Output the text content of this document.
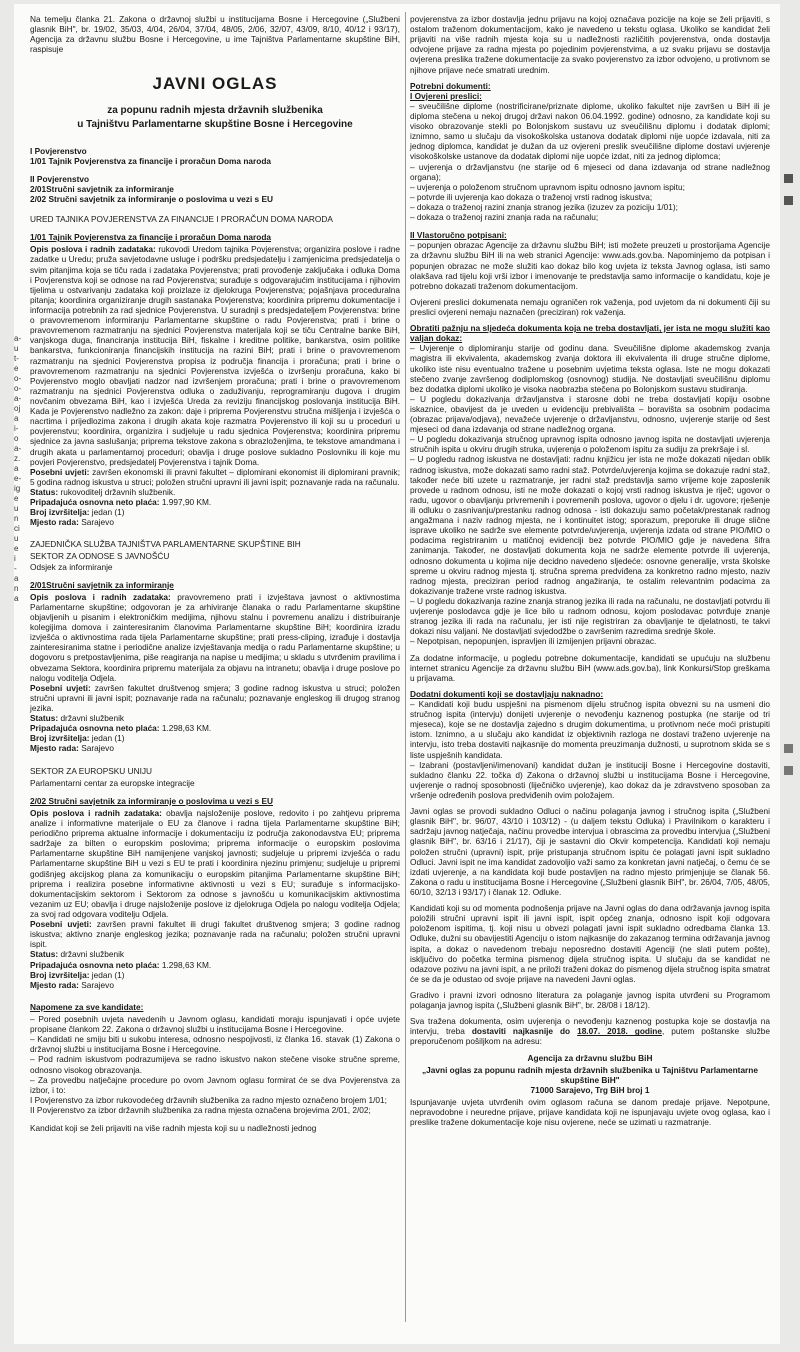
a-
u
t-
e
o-
o-
a-
oj
a
i-
o
a-
z.
a
e-
ig
e
u
n
ci
u
e
i
-
a
n
a

Na temelju članka 21. Zakona o državnoj službi u institucijama Bosne i Hercegovine („Službeni glasnik BiH", br. 19/02, 35/03, 4/04, 26/04, 37/04, 48/05, 2/06, 32/07, 43/09, 8/10, 40/12 i 93/17), Agencija za državnu službu Bosne i Hercegovine, u ime Tajništva Parlamentarne skupštine BiH, raspisuje

JAVNI OGLAS
za popunu radnih mjesta državnih službenika
u Tajništvu Parlamentarne skupštine Bosne i Hercegovine
I Povjerenstvo
1/01 Tajnik Povjerenstva za financije i proračun Doma naroda
II Povjerenstvo
2/01Stručni savjetnik za informiranje
2/02 Stručni savjetnik za informiranje o poslovima u vezi s EU
URED TAJNIKA POVJERENSTVA ZA FINANCIJE I PRORAČUN DOMA NARODA
1/01 Tajnik Povjerenstva za financije i proračun Doma naroda

Opis poslova i radnih zadataka: rukovodi Uredom tajnika Povjerenstva; organizira poslove i radne zadatke u Uredu; pruža savjetodavne usluge i podršku predsjedatelju i zamjenicima predsjedatelja o svim pitanjima koja se tiču rada i zadataka Povjerenstva; prati provođenje zaključaka i odluka Doma i Povjerenstva koji se odnose na rad Povjerenstva; surađuje s odgovarajućim institucijama i njihovim tijelima u ostvarivanju zadataka koji proizlaze iz djelokruga Povjerenstva; pojašnjava proceduralna pitanja; koordinira organiziranje drugih sastanaka Povjerenstva; koordinira pripremu dokumentacije i informacija potrebnih za rad sjednice Povjerenstva. U suradnji s predsjedateljem Povjerenstva: brine o pravovremenom informiranju Parlamentarne skupštine o radu Povjerenstva; prati i brine o pravovremenom razmatranju na sjednici Povjerenstva materijala koji se tiču Centralne banke BiH, vanjskoga duga, financiranja institucija BiH, fiskalne i kreditne politike, bankarstva, osim politike bankarstva, funkcioniranja financijskih institucija na razini BiH; prati i brine o pravovremenom razmatranju na sjednici Povjerenstva propisa iz područja financija i proračuna; prati i brine o pravovremenom razmatranju na sjednici Povjerenstva izvješća o izvršenju proračuna, kako bi Povjerenstvo moglo obavljati nadzor nad izvršenjem proračuna; prati i brine o pravovremenom razmatranju na sjednici Povjerenstva odluka o zaduživanju, reprogramiranju dugova i drugim novčanim obvezama BiH, kao i izvješća Ureda za reviziju financijskog poslovanja institucija BiH. Kada je Povjerenstvo nadležno za zakon: daje i priprema Povjerenstvu stručna mišljenja i izvješća o nacrtima i prijedlozima zakona i drugih akata koje razmatra Povjerenstvo ili koji su u proceduri u povjerenstvu; koordinira, organizira i sudjeluje u radu sjednica Povjerenstva; koordinira pripremu sjednice za javna saslušanja; priprema tekstove zakona s obrazloženjima, te tekstove amandmana i drugih akata u parlamentarnoj proceduri; obavlja i druge poslove sukladno Poslovniku ili koje mu povjeri Povjerenstvo, predsjedatelj Povjerenstva i tajnik Doma.

Posebni uvjeti: završen ekonomski ili pravni fakultet – diplomirani ekonomist ili diplomirani pravnik; 5 godina radnog iskustva u struci; položen stručni upravni ili javni ispit; poznavanje rada na računalu.

Status: rukovoditelj državnih službenik.
Pripadajuća osnovna neto plaća: 1.997,90 KM.
Broj izvršitelja: jedan (1)
Mjesto rada: Sarajevo
ZAJEDNIČKA SLUŽBA TAJNIŠTVA PARLAMENTARNE SKUPŠTINE BIH
SEKTOR ZA ODNOSE S JAVNOŠĆU
Odsjek za informiranje
2/01Stručni savjetnik za informiranje

Opis poslova i radnih zadataka: pravovremeno prati i izvještava javnost o aktivnostima Parlamentarne skupštine; odgovoran je za arhiviranje članaka o radu Parlamentarne skupštine objavljenih u pisanim i elektroničkim medijima, njihovu stalnu i povremenu analizu i distribuiranje kolegijima domova i zainteresiranim članovima Parlamentarne skupštine BiH; koordinira izradu izvješća o aktivnostima rada tijela Parlamentarne skupštine; prati press-cliping, izrađuje i dostavlja zainteresiranima statne i periodične analize izvještavanja medija o radu Parlamentarne skupštine; u dogovoru s pretpostavljenima, piše reagiranja na napise u medijima; u skladu s utvrđenim pravilima i obvezama Sektora, koordinira pripremu materijala za objavu na intranetu; obavlja i druge poslove po nalogu voditelja Odjela.

Posebni uvjeti: završen fakultet društvenog smjera; 3 godine radnog iskustva u struci; položen stručni upravni ili javni ispit; poznavanje rada na računalu; poznavanje engleskog ili drugog stranog jezika.

Status: državni službenik
Pripadajuća osnovna neto plaća: 1.298,63 KM.
Broj izvršitelja: jedan (1)
Mjesto rada: Sarajevo
SEKTOR ZA EUROPSKU UNIJU
Parlamentarni centar za europske integracije
2/02 Stručni savjetnik za informiranje o poslovima u vezi s EU

Opis poslova i radnih zadataka: obavlja najsloženije poslove, redovito i po zahtjevu pripremа analize i informativne materijale o EU za članove i radna tijela Parlamentarne skupštine BiH; periodično priprema aktualne informacije i dokumentaciju iz područja zakonodavstva EU; priprema sadržaje za bilten o europskim poslovima; priprema informacije o europskim poslovima Parlamentarne skupštine BiH namijenjene vanjskoj javnosti; sudjeluje u pripremi izvješća o radu Parlamentarne skupštine BiH u vezi s EU te prati i koordinira njezinu primjenu; sudjeluje u pripremi godišnjeg akcijskog plana za komunikaciju o europskim pitanjima Parlamentarne skupštine BiH; priprema i realizira posebne informativne aktivnosti u vezi s EU; surađuje s informacijsko-dokumentacijskim sektorom i Sektorom za odnose s javnošću u komunikacijskim aktivnostima vezanim uz EU; obavlja i druge najsloženije poslove iz djelokruga Odjela po nalogu voditelja Odjela; za svoj rad odgovara voditelju Odjela.

Posebni uvjeti: završen pravni fakultet ili drugi fakultet društvenog smjera; 3 godine radnog iskustva; aktivno znanje engleskog jezika; poznavanje rada na računalu; položen stručni upravni ispit.

Status: državni službenik
Pripadajuća osnovna neto plaća: 1.298,63 KM.
Broj izvršitelja: jedan (1)
Mjesto rada: Sarajevo
Napomene za sve kandidate:
– Pored posebnih uvjeta navedenih u Javnom oglasu, kandidati moraju ispunjavati i opće uvjete propisane člankom 22. Zakona o državnoj službi u institucijama Bosne i Hercegovine.
– Kandidati ne smiju biti u sukobu interesa, odnosno nespojivosti, iz članka 16. stavak (1) Zakona o državnoj službi u institucijama Bosne i Hercegovine.
– Pod radnim iskustvom podrazumijeva se radno iskustvo nakon stečene visoke stručne spreme, odnosno visokog obrazovanja.
– Za provedbu natječajne procedure po ovom Javnom oglasu formirat će se dva Povjerenstva za izbor, i to:
I Povjerenstvo za izbor rukovodećeg državnih službenika za radno mjesto označeno brojem 1/01;
II Povjerenstvo za izbor državnih službenika za radna mjesta označena brojevima 2/01, 2/02;
Kandidat koji se želi prijaviti na više radnih mjesta koji su u nadležnosti jednog

povjerenstva za izbor dostavlja jednu prijavu na kojoj označava pozicije na koje se želi prijaviti, s ostalom traženom dokumentacijom, kako je navedeno u tekstu oglasa. Ukoliko se kandidat želi prijaviti na više radnih mjesta koja su u nadležnosti različitih povjerenstva, onda dostavlja odvojene prijave za radna mjesta po pojedinim povjerenstvima, a uz svaku prijavu se dostavlja ovjerena preslika tražene dokumentacije za svako povjerenstvo za izbor odvojeno, u protivnom se njihove prijave neće smatrati urednim.

Potrebni dokumenti:
I Ovjereni preslici:
– sveučilišne diplome (nostrificirane/priznate diplome, ukoliko fakultet nije završen u BiH ili je diploma stečena u nekoj drugoj državi nakon 06.04.1992. godine) odnosno, za kandidate koji su visoko obrazovanje stekli po Bolonjskom sustavu uz sveučilišnu diplomu i dodatak diplomi; iznimno, samo u slučaju da visokoškolska ustanova dodatak diplomi nije uopće izdavala, niti za jednog diplomca, kandidat je dužan da uz ovjereni preslik sveučilišne diplome dostavi uvjerenje visokoškolske ustanove da dodatak diplomi nije uopće izdat, niti za jednog diplomca;
– uvjerenja o državljanstvu (ne starije od 6 mjeseci od dana izdavanja od strane nadležnog organa);
– uvjerenja o položenom stručnom upravnom ispitu odnosno javnom ispitu;
– potvrde ili uvjerenja kao dokaza o traženoj vrsti radnog iskustva;
– dokaza o traženoj razini znanja stranog jezika (izuzev za poziciju 1/01);
– dokaza o traženoj razini znanja rada na računalu;
II Vlastoručno potpisani:

– popunjen obrazac Agencije za državnu službu BiH; isti možete preuzeti u prostorijama Agencije za državnu službu BiH ili na web stranici Agencije: www.ads.gov.ba. Napominjemo da potpisan i popunjen obrazac ne može služiti kao dokaz bilo kog uvjeta iz teksta Javnog oglasa, isti samo olakšava rad tijelu koji vrši izbor i imenovanje te predstavlja samo informacije o kandidatu, koje je potrebno dokazati traženom dokumentacijom.

Ovjereni preslici dokumenata nemaju ograničen rok važenja, pod uvjetom da ni dokumenti čiji su preslici ovjereni nemaju naznačen (preciziran) rok važenja.

Obratiti pažnju na sljedeća dokumenta koja ne treba dostavljati, jer ista ne mogu služiti kao valjan dokaz:
– Uvjerenje o diplomiranju starije od godinu dana. Sveučilišne diplome akademskog zvanja magistra ili ekvivalenta, akademskog zvanja doktora ili ekvivalenta ili druge stručne diplome, ukoliko iste nisu eventualno tražene u posebnim uvjetima teksta oglasa. Iste ne mogu dokazati stečeno zvanje završenog dodiplomskog (osnovnog) studija. Ne dostavljati sveučilišnu diplomu bez dodatka diplomi ukoliko je visoka naobrazba stečena po Bolonjskom sustavu studiranja.
– U pogledu dokazivanja državljanstva i starosne dobi ne treba dostavljati kopiju osobne iskaznice, obavijest da je uveden u evidenciju prebivališta – boravišta sa osobnim podacima (obrazac prijava/odjava), nevažeće uvjerenje o državljanstvu, odnosno, uvjerenje starije od šest mjeseci od dana izdavanja od strane nadležnog organa.
– U pogledu dokazivanja stručnog upravnog ispita odnosno javnog ispita ne dostavljati uvjerenja stručnih ispita u okviru drugih struka, uvjerenja o položenom ispitu za sudiju za prekršaje i sl.
– U pogledu radnog iskustva ne dostavljati: radnu knjižicu jer ista ne može dokazati nijedan oblik radnog iskustva, može dokazati samo radni staž. Potvrde/uvjerenja kojima se dokazuje radni staž, također neće biti uzete u razmatranje, jer radni staž predstavlja samo vrijeme koje zaposlenik provede u radnom odnosu, isti ne može dokazati o kojoj vrsti radnog iskustva je riječ; ugovor o radu, ugovor o obavljanju privremenih i povremenih poslova, ugovor o djelu i dr. ugovore; rješenje ili odluku o zasnivanju/prestanku radnog odnosa - isti dokazuju samo početak/prestanak radnog angažmana i naziv radnog mjesta, ne i kontinuitet istog; sporazum, preporuke ili druge slične isprave ukoliko ne sadrže sve elemente potvrde/uvjerenja, uvjerenja izdata od strane PIO/MIO o podacima registriranim u matičnoj evidenciji bez potvrde PIO/MIO gdje je navedena šifra zanimanja. Također, ne dostavljati dokumenta koja ne sadrže elemente potvrde ili uvjerenja, odnosno dokumenta u kojima nije decidno navedeno sljedeće: osnovne generalije, vrsta školske spreme u okviru radnog mjesta tj. stručna sprema predviđena za konkretno radno mjesto, naziv radnog mjesta, preciziran period radnog angažiranja, te ostalim relevantnim podacima za dokazivanje tražene vrste radnog iskustva.
– U pogledu dokazivanja razine znanja stranog jezika ili rada na računalu, ne dostavljati potvrdu ili uvjerenje poslodavca gdje je lice bilo u radnom odnosu, kojom poslodavac potvrđuje znanje stranog jezika ili rada na računalu, jer isti nije registriran za obavljanje te djelatnosti, te takvi dokazi nisu valjani. Ne dostavljati svjedodžbe o završenim razredima srednje škole.
– Nepotpisan, nepopunjen, ispravljen ili izmijenjen prijavni obrazac.

Za dodatne informacije, u pogledu potrebne dokumentacije, kandidati se upućuju na službenu internet stranicu Agencije za državnu službu BiH (www.ads.gov.ba), link Konkursi/Stop greškama u prijavama.

Dodatni dokumenti koji se dostavljaju naknadno:
– Kandidati koji budu uspješni na pismenom dijelu stručnog ispita obvezni su na usmeni dio stručnog ispita (intervju) donijeti uvjerenje o nevođenju kaznenog postupka (ne starije od tri mjeseca), koje se ne dostavlja zajedno s drugim dokumentima, u protivnom neće moći pristupiti istom. Iznimno, a u slučaju ako kandidat iz objektivnih razloga ne dostavi traženo uvjerenje na intervju, isto treba dostaviti najkasnije do momenta preuzimanja dužnosti, u suprotnom skida se s liste uspješnih kandidata.
– Izabrani (postavljeni/imenovani) kandidat dužan je instituciji Bosne i Hercegovine dostaviti, sukladno članku 22. točka d) Zakona o državnoj službi u institucijama Bosne i Hercegovine, uvjerenje o radnoj sposobnosti (liječničko uvjerenje), kao dokaz da je zdravstveno sposoban za vršenje određenih poslova predviđenih ovim položajem.

Javni oglas se provodi sukladno Odluci o načinu polaganja javnog i stručnog ispita („Službeni glasnik BiH", br. 96/07, 43/10 i 103/12) - (u daljem tekstu Odluka) i Pravilnikom o karakteru i sadržaju javnog natječaja, načinu provedbe intervjua i obrascima za provedbu intervjua („Službeni glasnik BiH", br. 63/16 i 21/17), čiji je sastavni dio Okvir kompetencija. Kandidati koji nemaju položen stručni (upravni) ispit, prije pristupanja stručnom ispitu će polagati javni ispit sukladno Odluci. Javni ispit ne ima kandidat zadovoljio važi samo za konkretan javni natječaj, o čemu će se izdati uvjerenje, a na kandidata koji bude postavljen na radno mjesto primjenjuje se članak 56. Zakona o radu u institucijama Bosne i Hercegovine („Službeni glasnik BiH", br. 26/04, 7/05, 48/05, 60/10, 32/13 i 93/17) i članak 12. Odluke.

Kandidati koji su od momenta podnošenja prijave na Javni oglas do dana održavanja javnog ispita položili stručni upravni ispit ili javni ispit, ispit općeg znanja, odnosno ispit koji odgovara položenom ispitima, tj. koji nisu u obvezi polagati javni ispit sukladno odredbama članka 13. Odluke, dužni su obavijestiti Agenciju o istom najkasnije do zakazanog termina održavanja javnog ispita, a dokaz o navedenom trebaju neposredno dostaviti Agenciji (ne slati putem pošte), isključivo do početka termina pismenog dijela stručnog ispita. U slučaju da se kandidat ne odazove pozivu na javni ispit, a ne priloži traženi dokaz do pismenog dijela stručnog ispita smatrat će se da je odustao od svoje prijave na navedeni Javni oglas.

Gradivo i pravni izvori odnosno literatura za polaganje javnog ispita utvrđeni su Programom polaganja javnog ispita („Službeni glasnik BiH", br. 28/08 i 18/12).

Sva tražena dokumenta, osim uvjerenja o nevođenju kaznenog postupka koje se dostavlja na intervju, treba dostaviti najkasnije do 18.07. 2018. godine, putem poštanske službe preporučenom pošiljkom na adresu:

Agencija za državnu službu BiH
„Javni oglas za popunu radnih mjesta državnih službenika u Tajništvu Parlamentarne skupštine BiH"
71000 Sarajevo, Trg BiH broj 1

Ispunjavanje uvjeta utvrđenih ovim oglasom računa se danom predaje prijave. Nepotpune, nepravodobne i neuredne prijave, prijave kandidata koji ne ispunjavaju uvjete ovog oglasa, kao i preslike tražene dokumentacije koje nisu ovjerene, neće se uzimati u razmatranje.
